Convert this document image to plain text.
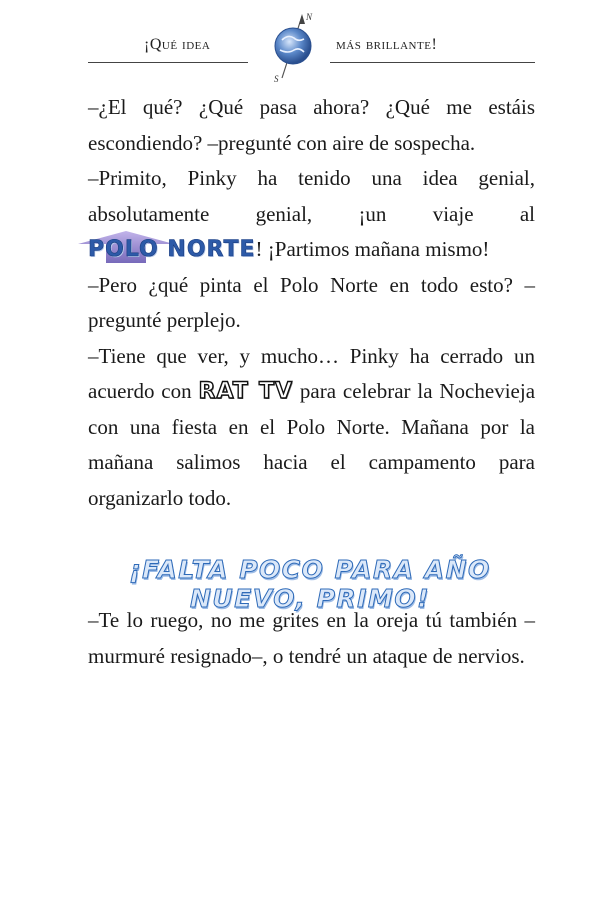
¡Qué idea
N
S
más brillante!

–¿El qué? ¿Qué pasa ahora? ¿Qué me estáis escondiendo? –pregunté con aire de sospecha.

–Primito, Pinky ha tenido una idea genial, absolutamente genial, ¡un viaje al
POLO NORTE! ¡Partimos mañana mismo!

–Pero ¿qué pinta el Polo Norte en todo esto? –pregunté perplejo.

–Tiene que ver, y mucho… Pinky ha cerrado un acuerdo con RAT TV para celebrar la Nochevieja con una fiesta en el Polo Norte. Mañana por la mañana salimos hacia el campamento para organizarlo todo.

¡FALTA POCO PARA AÑO NUEVO, PRIMO!

–Te lo ruego, no me grites en la oreja tú también –murmuré resignado–, o tendré un ataque de nervios.
